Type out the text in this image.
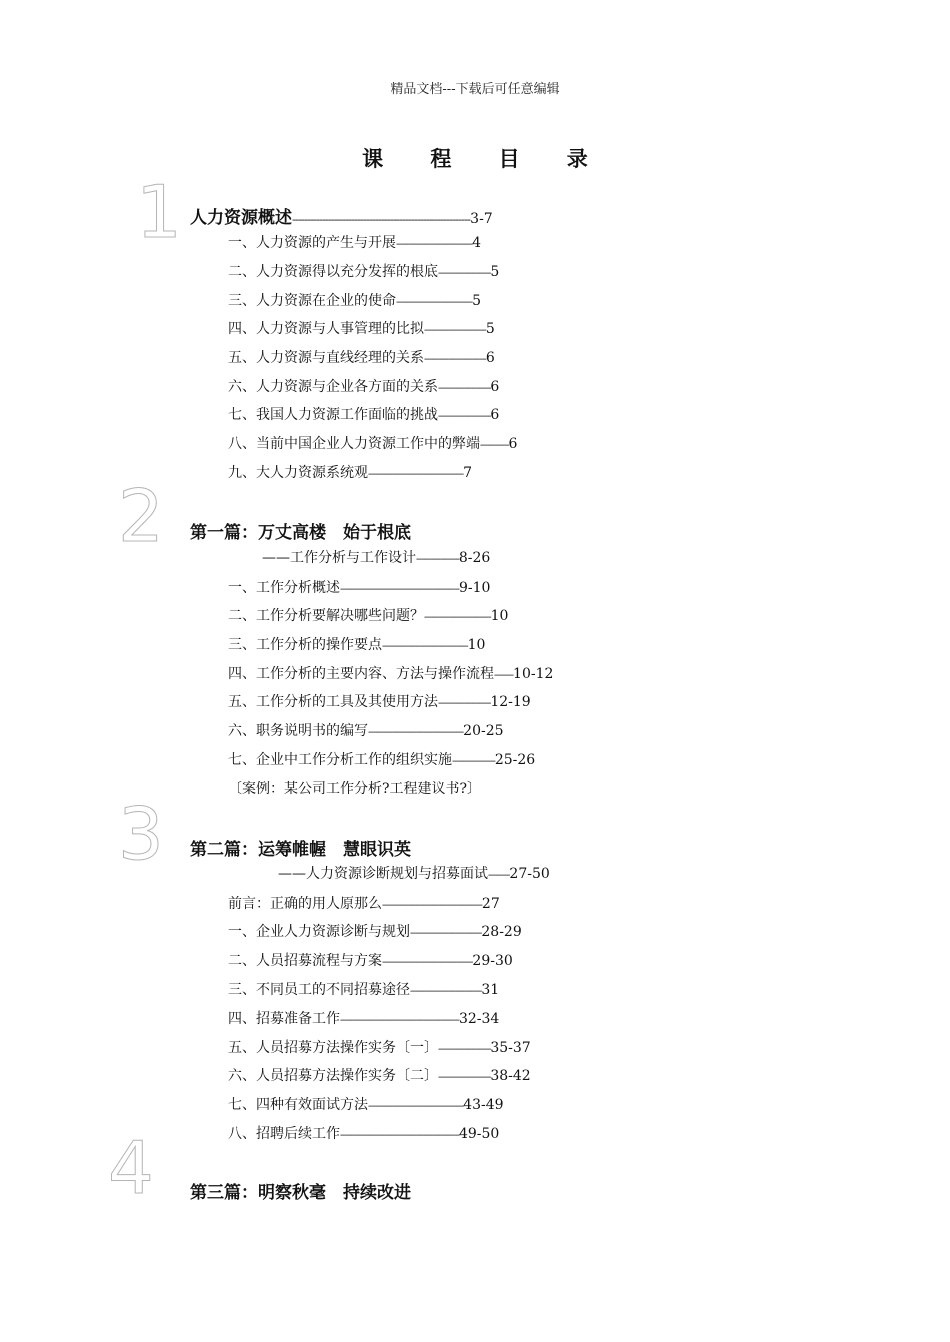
精品文档---下载后可任意编辑
课 程 目 录
1 人力资源概述------------------------------------------------------------3-7
一、人力资源的产生与开展--------------------------------4
二、人力资源得以充分发挥的根底----------------------5
三、人力资源在企业的使命--------------------------------5
四、人力资源与人事管理的比拟--------------------------5
五、人力资源与直线经理的关系--------------------------6
六、人力资源与企业各方面的关系----------------------6
七、我国人力资源工作面临的挑战----------------------6
八、当前中国企业人力资源工作中的弊端------------6
九、大人力资源系统观----------------------------------------7
2 第一篇：万丈高楼　始于根底
——工作分析与工作设计------------------8-26
一、工作分析概述--------------------------------------------------9-10
二、工作分析要解决哪些问题？----------------------------10
三、工作分析的操作要点------------------------------------10
四、工作分析的主要内容、方法与操作流程--------10-12
五、工作分析的工具及其使用方法----------------------12-19
六、职务说明书的编写----------------------------------------20-25
七、企业中工作分析工作的组织实施------------------25-26
〔案例：某公司工作分析?工程建议书?〕
3 第二篇：运筹帷幄　慧眼识英
——人力资源诊断规划与招募面试---------27-50
前言：正确的用人原那么------------------------------------------27
一、企业人力资源诊断与规划------------------------------28-29
二、人员招募流程与方案--------------------------------------29-30
三、不同员工的不同招募途径------------------------------31
四、招募准备工作--------------------------------------------------32-34
五、人员招募方法操作实务〔一〕----------------------35-37
六、人员招募方法操作实务〔二〕----------------------38-42
七、四种有效面试方法----------------------------------------43-49
八、招聘后续工作--------------------------------------------------49-50
4 第三篇：明察秋毫　持续改进
